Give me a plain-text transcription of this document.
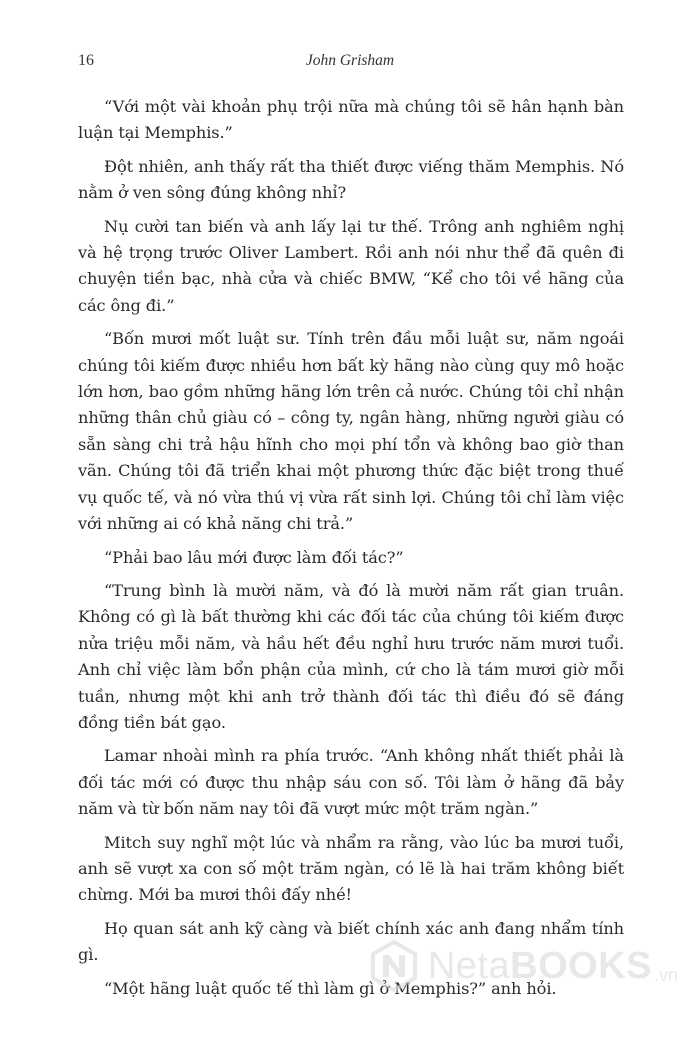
16	John Grisham

“Với một vài khoản phụ trội nữa mà chúng tôi sẽ hân hạnh bàn luận tại Memphis.”

Đột nhiên, anh thấy rất tha thiết được viếng thăm Memphis. Nó nằm ở ven sông đúng không nhỉ?

Nụ cười tan biến và anh lấy lại tư thế. Trông anh nghiêm nghị và hệ trọng trước Oliver Lambert. Rồi anh nói như thể đã quên đi chuyện tiền bạc, nhà cửa và chiếc BMW, “Kể cho tôi về hãng của các ông đi.”

“Bốn mươi mốt luật sư. Tính trên đầu mỗi luật sư, năm ngoái chúng tôi kiếm được nhiều hơn bất kỳ hãng nào cùng quy mô hoặc lớn hơn, bao gồm những hãng lớn trên cả nước. Chúng tôi chỉ nhận những thân chủ giàu có – công ty, ngân hàng, những người giàu có sẵn sàng chi trả hậu hĩnh cho mọi phí tổn và không bao giờ than vãn. Chúng tôi đã triển khai một phương thức đặc biệt trong thuế vụ quốc tế, và nó vừa thú vị vừa rất sinh lợi. Chúng tôi chỉ làm việc với những ai có khả năng chi trả.”

“Phải bao lâu mới được làm đối tác?”

“Trung bình là mười năm, và đó là mười năm rất gian truân. Không có gì là bất thường khi các đối tác của chúng tôi kiếm được nửa triệu mỗi năm, và hầu hết đều nghỉ hưu trước năm mươi tuổi. Anh chỉ việc làm bổn phận của mình, cứ cho là tám mươi giờ mỗi tuần, nhưng một khi anh trở thành đối tác thì điều đó sẽ đáng đồng tiền bát gạo.

Lamar nhoài mình ra phía trước. “Anh không nhất thiết phải là đối tác mới có được thu nhập sáu con số. Tôi làm ở hãng đã bảy năm và từ bốn năm nay tôi đã vượt mức một trăm ngàn.”

Mitch suy nghĩ một lúc và nhẩm ra rằng, vào lúc ba mươi tuổi, anh sẽ vượt xa con số một trăm ngàn, có lẽ là hai trăm không biết chừng. Mới ba mươi thôi đấy nhé!

Họ quan sát anh kỹ càng và biết chính xác anh đang nhẩm tính gì.

“Một hãng luật quốc tế thì làm gì ở Memphis?” anh hỏi.

NetaBOOKS .vn
